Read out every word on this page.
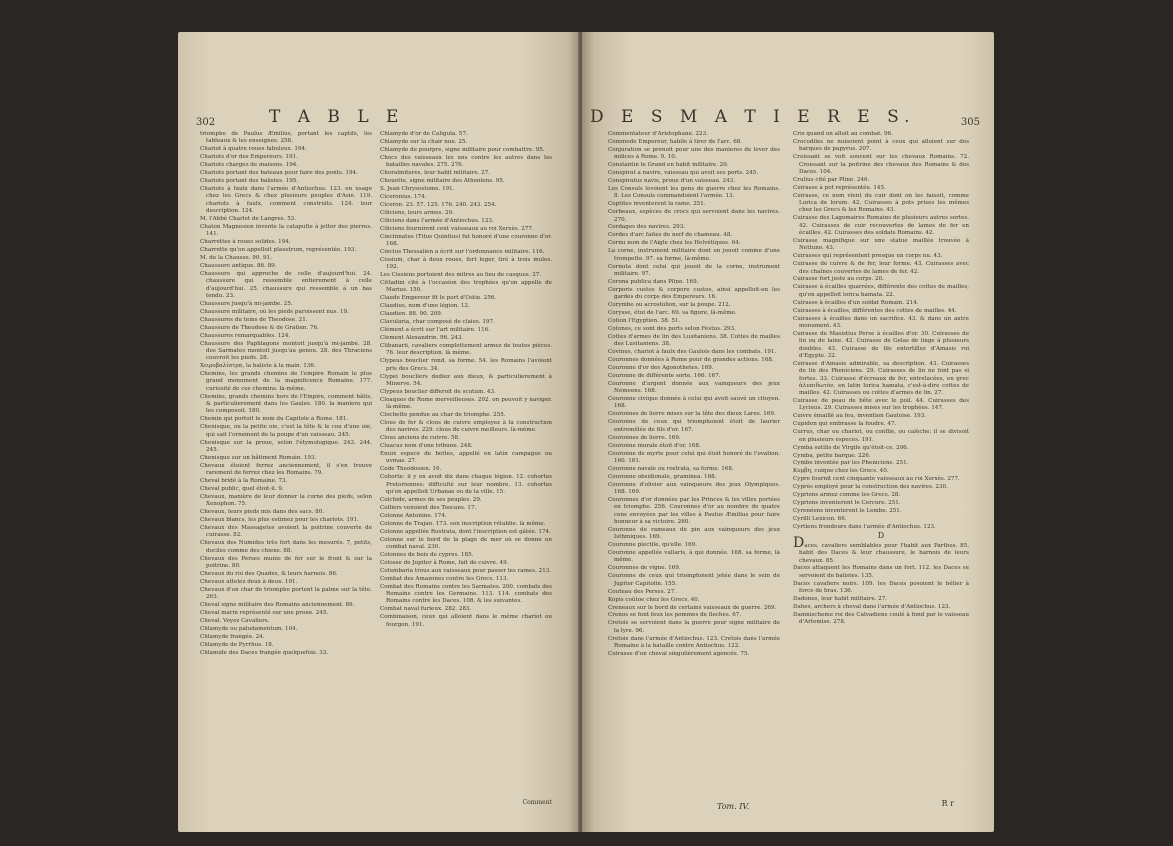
302	T A B L E
triomphe de Paulus Æmilius, portant les captifs, les tableaux & les enseignes. 258.
Chariot à quatre roues fabuleux. 194.
Chariots d'or des Empereurs. 191.
Chariots chargez de maisons. 194.
Chariots portant des bateaux pour faire des ponts. 194.
Chariots portant des balistes. 195.
Chariots à faulx dans l'armée d'Antiochus. 123. en usage chez les Grecs & chez plusieurs peuples d'Asie. 119. chariots à faulx, comment construits. 124. leur description. 124.
M. l'Abbé Charlet de Langres. 53.
Chaton Magnesien invente la catapulte à jetter des pierres. 141.
Charrettes à roues solides. 194.
Charrette qu'on appelloit plaustrum, représentée. 193.
M. de la Chausse. 90. 91.
Chaussure antique. 86. 89.
Chaussure qui approche de celle d'aujourd'hui. 24. chaussure qui ressemble entierement à celle d'aujourd'hui. 25. chaussure qui ressemble à un bas tendu. 23.
Chaussure jusqu'à mi-jambe. 25.
Chaussure militaire, où les pieds paroissent nus. 19.
Chaussures du tems de Theodose. 21.
Chaussure de Theodose & de Gratien. 76.
Chaussures remarquables. 124.
Chaussure des Paphlagons montoit jusqu'à mi-jambe. 28. des Sarmates montoit jusqu'au genou. 28. des Thraciens couvroit les pieds. 28.
Χειροβαλίστρα, la baliste à la main. 136.
Chemins, les grands chemins de l'empire Romain le plus grand monument de la magnificence Romaine. 177. curiosité de ces chemins. là-même.
Chemins, grands chemins hors de l'Empire, comment bâtis, & particulierement dans les Gaules. 180. la maniere qui les composoit. 180.
Chemin qui portoit le nom du Capitole à Rome. 181.
Chenisque, ou la petite oie, c'est la tête & le cou d'une oie, qui sait l'ornement de la poupe d'un vaisseau. 245.
Chenisque sur la proue, selon l'étymologique. 243. 244. 245.
Chenisque sur un bâtiment Romain. 193.
Chevaux étoient ferrez anciennement, il s'en trouve rarement de ferrez chez les Romains. 79.
Cheval bridé à la Romaine. 73.
Cheval public, quel étoit-il. 9.
Chevaux, manière de leur donner la corne des pieds, selon Xenophon. 75.
Chevaux, leurs pieds mis dans des sacs. 80.
Chevaux blancs, les plus estimez pour les chariots. 191.
Chevaux des Massagetes avoient la poitrine couverte de cuirasse. 82.
Chevaux des Numides très fort dans les mesurés. 7, petits, dociles comme des chiens. 88.
Chevaux des Perses munis de fer sur le front & sur la poitrine. 80.
Chevaux du roi des Quades, & leurs harnois. 86.
Chevaux attelez deux à deux. 191.
Chevaux d'un char de triomphe portent la palme sur la tête. 263.
Cheval signe militaire des Romains anciennement. 89.
Cheval marin représenté sur une proue. 245.
Cheval. Voyez Cavaliers.
Chlamyde ou paludamentum. 104.
Chlamyde frangée. 24.
Chlamyde de Pyrrhus. 18.
Chlamide des Daces frangée quelquefois. 33.
Chlamyde d'or de Caligula. 57.
Chlamyde sur la chair nue. 25.
Chlamyde de pourpre, signe militaire pour combattre. 95.
Chocs des vaisseaux les uns contre les autres dans les batailles navales. 275. 276.
Choralmiteres, leur habit militaire. 27.
Chouette, signe militaire des Atheniens. 95.
S. Jean Chrysostome. 191.
Ciceronius. 174.
Ciceron. 23. 57. 125. 176. 240. 243. 254.
Ciliciens, leurs armes. 29.
Ciliciens dans l'armée d'Antiochus. 123.
Ciliciens fournirent cent vaisseaux au roi Xerxès. 277.
Cincinnatus (Titus Quintius) fut honoré d'une couronne d'or. 168.
Cincius Thessalien a écrit sur l'ordonnance militaire. 116.
Cissium, char à deux roues, fort leger, tiré à trois mules. 192.
Les Cissiens portoient des mitres au lieu de casques. 27.
Cittadini cité à l'occasion des trophées qu'on appelle de Marius. 150.
Claude Empereur fit le port d'Ostie. 256.
Claudius, nom d'une légion. 12.
Claudien. 88. 90. 209.
Clavularia, char composé de claies. 197.
Clément a écrit sur l'art militaire. 116.
Clement Alexandrin. 96. 243.
Clibanarii, cavaliers complettement armez de toutes pièces. 76. leur description. là même.
Clypeus bouclier rond, sa forme. 54. les Romains l'avoient pris des Grecs. 34.
Clypei boucliers dediez aux dieux, & particulierement à Minerve. 54.
Clypeus bouclier differoit de scutum. 43.
Cloaques de Rome merveilleuses. 202. on pouvoit y naviger. là-même.
Clochette pendue au char de triomphe. 255.
Clous de fer & clous de cuivre employez à la construction des navires. 229. clous de cuivre meilleurs. là-même.
Clous anciens de cuivre. 58.
Cluacus nom d'une tribune. 248.
Enuix espece de bottes, appellé en latin campagus ou uvmas. 27.
Code Theodosien. 16.
Cohorte: il y en avoit dix dans chaque légion. 12. cohortes Pretoriennes: difficulté sur leur nombre. 13. cohortes qu'on appelloit Urbanae ou de la ville. 15.
Colchide, armes de ses peuples. 29.
Colliers venoient des Toscans. 17.
Colonne Antonine. 174.
Colonne de Trajan. 173. son inscription rétablie. là même.
Colonne appellée Rostrata, dont l'inscription est gâtée. 174.
Colonne sur le bord de la plage de mer où se donne un combat naval. 230.
Colonnes de bois de cypres. 185.
Colosse de Jupiter à Rome, fait de cuivre. 49.
Columbaria trous aux vaisseaux pour passer les rames. 213.
Combat des Amazones contre les Grecs. 113.
Combat des Romains contre les Sarmates. 200. combats des Romains contre les Germains. 113. 114. combats des Romains contre les Daces. 108. & les suivantes.
Combat naval furieux. 282. 283.
Combinaison, ceux qui alloient dans le même chariot ou fourgon. 191.
Comment
D E S M A T I E R E S.	305
Commentateur d'Aristophane. 223.
Commode Empereur, habile à tirer de l'arc. 68.
Conjuration se prenoit pour une des manieres de lever des milices à Rome. 9. 10.
Constantin le Grand en habit militaire. 20.
Conspirat a navire, vaisseau qui avoit ses ports. 245.
Conspiratus navis, proue d'un vaisseau. 243.
Les Consuls levoient les gens de guerre chez les Romains. 8. Les Consuls commandoient l'armée. 13.
Coptites inventerent la rame. 251.
Corbeaux, espèces de crocs qui servoient dans les navires. 270.
Cordages des navires. 293.
Cordes d'arc faites de nerf de chameau. 48.
Cornu nom de l'Aigle chez les Helvétiques. 64.
La corne, instrument militaire dont on jouoit comme d'une trompette. 97. sa forme, là-même.
Cornuta dont celui qui jouoit de la corne, instrument militaire. 97.
Corona publica dans Pline. 169.
Corporis custos & corpore custos, ainsi appelloit-on les gardes du corps des Empereurs. 16.
Corymbe ou acrostolion, sur la poupe. 212.
Corysse, étui de l'arc. 69. sa figure, là-même.
Cotion l'Egyptien. 38. 51.
Cotones, ce sont des ports selon Festus. 293.
Cottes d'armes de lin des Lusitaniens. 38. Cottes de mailles des Lusitaniens. 38.
Covinus, chariot à faulx des Gaulois dans les combats. 191.
Couronnes données à Rome pour de grandes actions. 168.
Couronne d'or des Agonothetes. 169.
Couronne de différente sorte. 166. 167.
Couronne d'argent donnée aux vainqueurs des jeux Nemeens. 168.
Couronne civique donnée à celui qui avoit sauvé un citoyen. 168.
Couronnes de lierre mises sur la tête des dieux Lares. 169.
Couronne de ceux qui triomphoient étoit de laurier entremêlée de fils d'or. 167.
Couronnes de lierre. 169.
Couronne murale étoit d'or. 168.
Couronne de myrte pour celui qui étoit honoré de l'ovation. 160. 161.
Couronne navale ou rostrata, sa forme. 168.
Couronne obsidionale, graminea. 168.
Couronne d'olivier aux vainqueurs des jeux Olympiques. 168. 169.
Couronnes d'or données par les Princes & les villes portées en triomphe. 256. Couronnes d'or au nombre de quatre cens envoyées par les villes à Paulus Æmilius pour faire honneur à sa victoire. 260.
Couronne de rameaux de pin aux vainqueurs des jeux Isthmiques. 169.
Couronne plectile, qu'elle. 169.
Couronne appellée vallaris, à qui donnée. 168. sa forme, là même.
Couronnes de vigne. 169.
Couronne de ceux qui triomphoient jetée dans le sein de Jupiter Capitolin. 155.
Couteau des Perses. 27.
Kopis coûtoe chez les Grecs. 40.
Creneaux sur le bord de certains vaisseaux de guerre. 269.
Crenos se font feux les pommes de fleches. 67.
Cretois se servoient dans la guerre pour signe militaire de la lyre. 96.
Cretois dans l'armée d'Antiochus. 123. Cretois dans l'armée Romaine à la bataille contre Antiochus. 122.
Cuirasse d'un cheval singulièrement agencée. 75.
Cris quand on alloit au combat. 96.
Crocodiles ne nuisoient point à ceux qui alloient sur des barques de papyrus. 207.
Croissant se voit souvent sur les chevaux Romains. 72. Croissant sur la poitrine des chevaux des Romains & des Daces. 104.
Crulius cité par Pline. 246.
Cuirasse à pot représentée. 145.
Cuirasse, ce nom vient du cuir dont on les faisoit, comme Lorica de lorum. 42. Cuirasses à pots prises les mêmes chez les Grecs & les Romains. 43.
Cuirasse des Lagomaires Romains de plusieurs autres sortes. 42. Cuirasses de cuir recouvertes de lames de fer en écailles. 42. Cuirasses des soldats Romains. 42.
Cuirasse magnifique sur une statue maillée trouvée à Nettuno. 43.
Cuirasses qui représentent presque un corps nu. 43.
Cuirasse de cuivre & de fer, leur forme. 43. Cuirasses avec des chaînes couvertes de lames de fer. 42.
Cuirasse fort juste au corps. 20.
Cuirasse à écailles quarrées, différente des cottes de mailles, qu'on appelloit lorica hamata. 22.
Cuirasse à écailles d'un soldat Romain. 214.
Cuirasses à écailles, différentes des cottes de mailles. 44.
Cuirasses à écailles dans un sacrifice. 43. & dans un autre monument. 43.
Cuirasse de Masistius Perse à écailles d'or. 30. Cuirasses de lin ou de laine. 42. Cuirasse de Gelas de linge à plusieurs doubles. 43. Cuirasse de fils entortillez d'Amasis roi d'Egypte. 32.
Cuirasse d'Amasis admirable, sa description. 43. Cuirasses de lin des Pheniciens. 29. Cuirasses de lin ne font pas si fortes. 33. Cuirasse d'écreaux de fer, entrelacées, en grec ἁλυσιδωτὸν, en latin lorica hamata, c'est-à-dire cottes de mailles. 42. Cuirasses ou cottes d'armes de lin. 27.
Cuirasse de peau de bête avec le poil. 44. Cuirasses des Lycieus. 29. Cuirasses mises sur les trophées. 147.
Cuivre émaillé au feu, invention Gauloise. 193.
Cupidon qui embrasse la foudre. 47.
Currus, char ou chariot, ou conflie, ou calèche; il se divisoit en plusieurs especes. 191.
Cymba sutilis de Virgile qu'étoit-ce. 206.
Cymba, petite barque. 226.
Cymbe inventée par les Pheniciens. 251.
Κυμβη, cuique chez les Grecs. 40.
Cypre fournit cent cinquante vaisseaux au roi Xerxès. 277.
Cyprès employé pour la construction des navires. 230.
Cypriens armez comme les Grecs. 28.
Cypriens inventerent le Cercure. 251.
Cyrenéens inventerent le Lembe. 251.
Cyrilli Lexicon. 66.
Cyrtiens frondeurs dans l'armée d'Antiochus. 123.
D
Daces, cavaliers semblables pour l'habit aux Parthes. 85. habit des Daces & leur chaussure, le harnois de leurs chevaux. 85.
Daces attaquent les Romains dans un fort. 112. les Daces se servoient de balistes. 135.
Daces cavaliers noirs. 109. les Daces posoient le bélier à force de bras. 136.
Dadones, leur habit militaire. 27.
Dahes, archers à cheval dans l'armée d'Antiochus. 123.
Damnischeme roi des Calvadiens coulé à fond par le vaisseau d'Artemise. 278.
Tom. IV.	R r
